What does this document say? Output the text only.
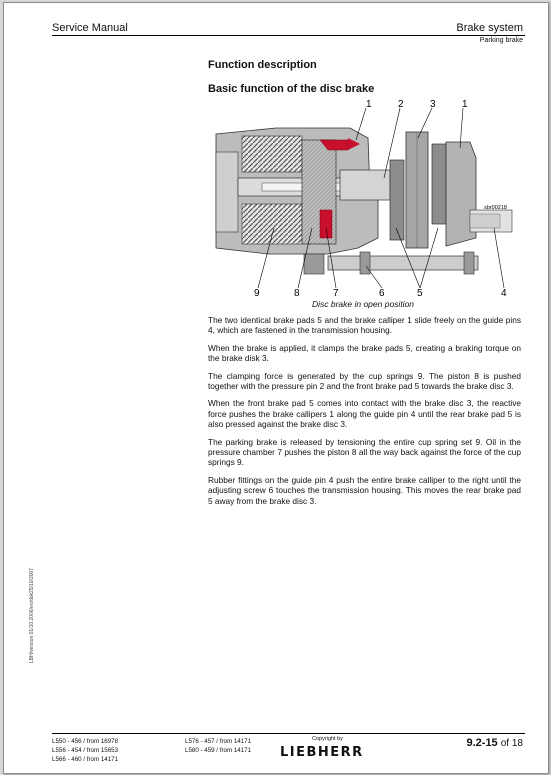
Service Manual	Brake system
Parking brake
Function description
Basic function of the disc brake
1	2	3	1
9	8	7	6	5	4
sbr00218
Disc brake in open position

The two identical brake pads 5 and the brake calliper 1 slide freely on the guide pins 4, which are fastened in the transmission housing.

When the brake is applied, it clamps the brake pads 5, creating a braking torque on the brake disk 3.

The clamping force is generated by the cup springs 9. The piston 8 is pushed together with the pressure pin 2 and the front brake pad 5 towards the brake disc 3.

When the front brake pad 5 comes into contact with the brake disc 3, the reactive force pushes the brake callipers 1 along the guide pin 4 until the rear brake pad 5 is also pressed against the brake disc 3.

The parking brake is released by tensioning the entire cup spring set 9. Oil in the pressure chamber 7 pushes the piston 8 all the way back against the force of the cup springs 9.

Rubber fittings on the guide pin 4 push the entire brake calliper to the right until the adjusting screw 6 touches the transmission housing. This moves the rear brake pad 5 away from the brake disc 3.

LBH/version 01/10.2006/en/dok25/10/2007
L550 - 456 / from 16978
L556 - 454 / from 15653
L566 - 460 / from 14171
L576 - 457 / from 14171
L580 - 459 / from 14171
Copyright by
LIEBHERR
9.2-15 of 18
